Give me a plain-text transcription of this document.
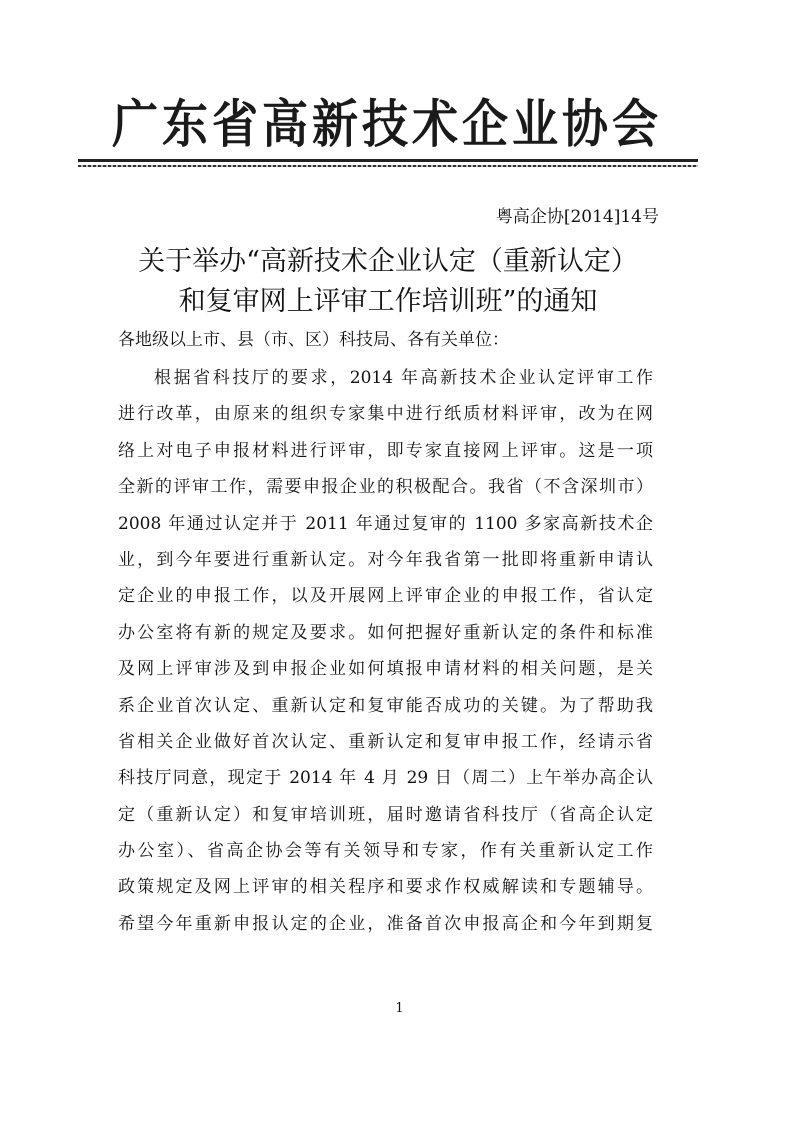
广东省高新技术企业协会
粤高企协[2014]14号
关于举办“高新技术企业认定（重新认定）
和复审网上评审工作培训班”的通知
各地级以上市、县（市、区）科技局、各有关单位：
根据省科技厅的要求，2014 年高新技术企业认定评审工作
进行改革，由原来的组织专家集中进行纸质材料评审，改为在网
络上对电子申报材料进行评审，即专家直接网上评审。这是一项
全新的评审工作，需要申报企业的积极配合。我省（不含深圳市）
2008 年通过认定并于 2011 年通过复审的 1100 多家高新技术企
业，到今年要进行重新认定。对今年我省第一批即将重新申请认
定企业的申报工作，以及开展网上评审企业的申报工作，省认定
办公室将有新的规定及要求。如何把握好重新认定的条件和标准
及网上评审涉及到申报企业如何填报申请材料的相关问题，是关
系企业首次认定、重新认定和复审能否成功的关键。为了帮助我
省相关企业做好首次认定、重新认定和复审申报工作，经请示省
科技厅同意，现定于 2014 年 4 月 29 日（周二）上午举办高企认
定（重新认定）和复审培训班，届时邀请省科技厅（省高企认定
办公室）、省高企协会等有关领导和专家，作有关重新认定工作
政策规定及网上评审的相关程序和要求作权威解读和专题辅导。
希望今年重新申报认定的企业，准备首次申报高企和今年到期复
1
